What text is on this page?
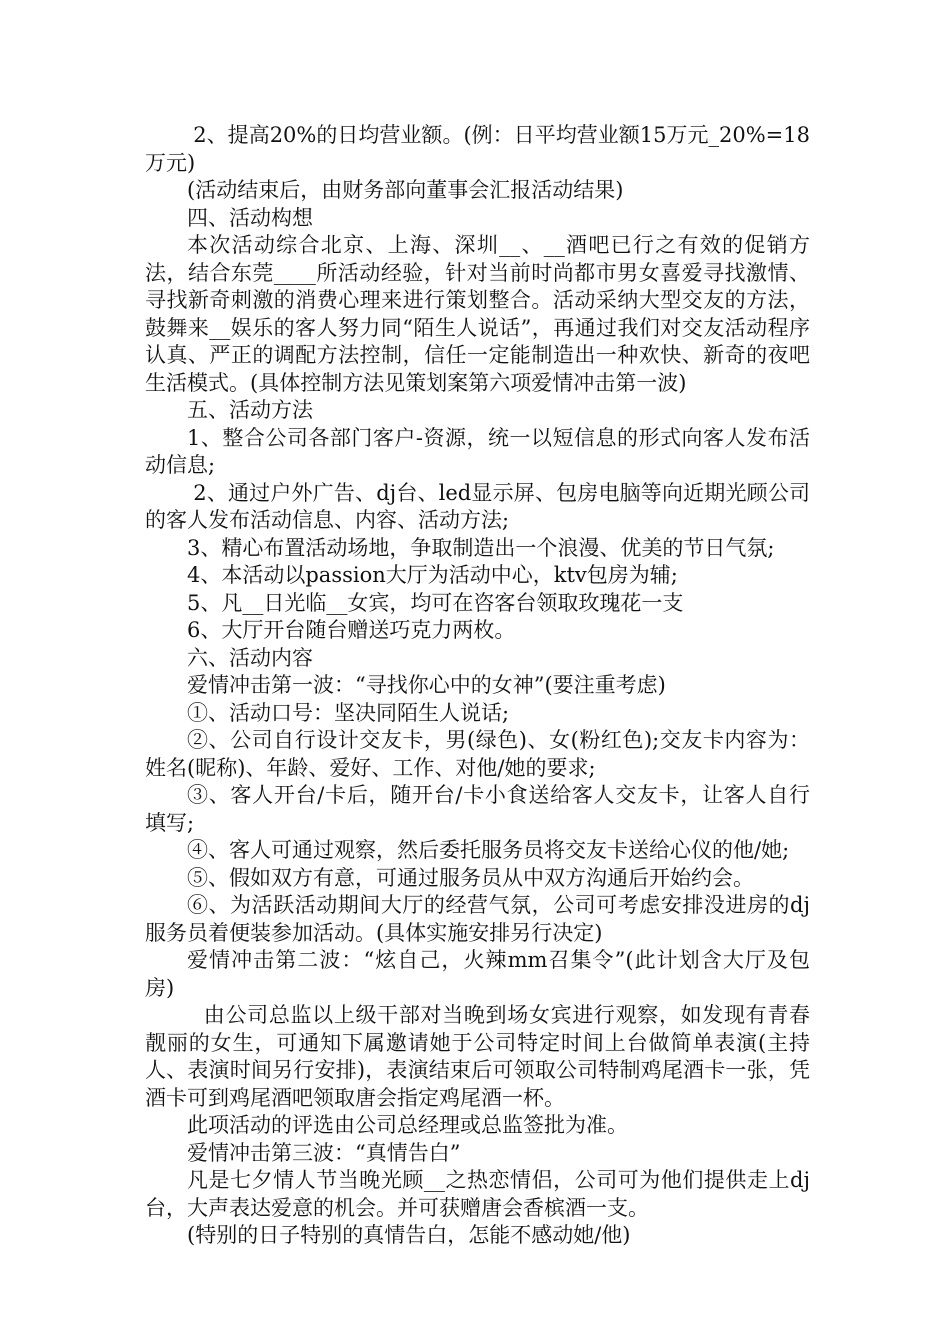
2、提高20%的日均营业额。(例：日平均营业额15万元_20%=18万元)

(活动结束后，由财务部向董事会汇报活动结果)

四、活动构想

本次活动综合北京、上海、深圳__、__酒吧已行之有效的促销方法，结合东莞____所活动经验，针对当前时尚都市男女喜爱寻找激情、寻找新奇刺激的消费心理来进行策划整合。活动采纳大型交友的方法，鼓舞来__娱乐的客人努力同“陌生人说话”，再通过我们对交友活动程序认真、严正的调配方法控制，信任一定能制造出一种欢快、新奇的夜吧生活模式。(具体控制方法见策划案第六项爱情冲击第一波)

五、活动方法

1、整合公司各部门客户-资源，统一以短信息的形式向客人发布活动信息;

2、通过户外广告、dj台、led显示屏、包房电脑等向近期光顾公司的客人发布活动信息、内容、活动方法;

3、精心布置活动场地，争取制造出一个浪漫、优美的节日气氛;

4、本活动以passion大厅为活动中心，ktv包房为辅;

5、凡__日光临__女宾，均可在咨客台领取玫瑰花一支

6、大厅开台随台赠送巧克力两枚。

六、活动内容

爱情冲击第一波：“寻找你心中的女神”(要注重考虑)

①、活动口号：坚决同陌生人说话;

②、公司自行设计交友卡，男(绿色)、女(粉红色);交友卡内容为：姓名(昵称)、年龄、爱好、工作、对他/她的要求;

③、客人开台/卡后，随开台/卡小食送给客人交友卡，让客人自行填写;

④、客人可通过观察，然后委托服务员将交友卡送给心仪的他/她;

⑤、假如双方有意，可通过服务员从中双方沟通后开始约会。

⑥、为活跃活动期间大厅的经营气氛，公司可考虑安排没进房的dj服务员着便装参加活动。(具体实施安排另行决定)

爱情冲击第二波：“炫自己，火辣mm召集令”(此计划含大厅及包房)

由公司总监以上级干部对当晚到场女宾进行观察，如发现有青春靓丽的女生，可通知下属邀请她于公司特定时间上台做简单表演(主持人、表演时间另行安排)，表演结束后可领取公司特制鸡尾酒卡一张，凭酒卡可到鸡尾酒吧领取唐会指定鸡尾酒一杯。

此项活动的评选由公司总经理或总监签批为准。

爱情冲击第三波：“真情告白”

凡是七夕情人节当晚光顾__之热恋情侣，公司可为他们提供走上dj台，大声表达爱意的机会。并可获赠唐会香槟酒一支。

(特别的日子特别的真情告白，怎能不感动她/他)
